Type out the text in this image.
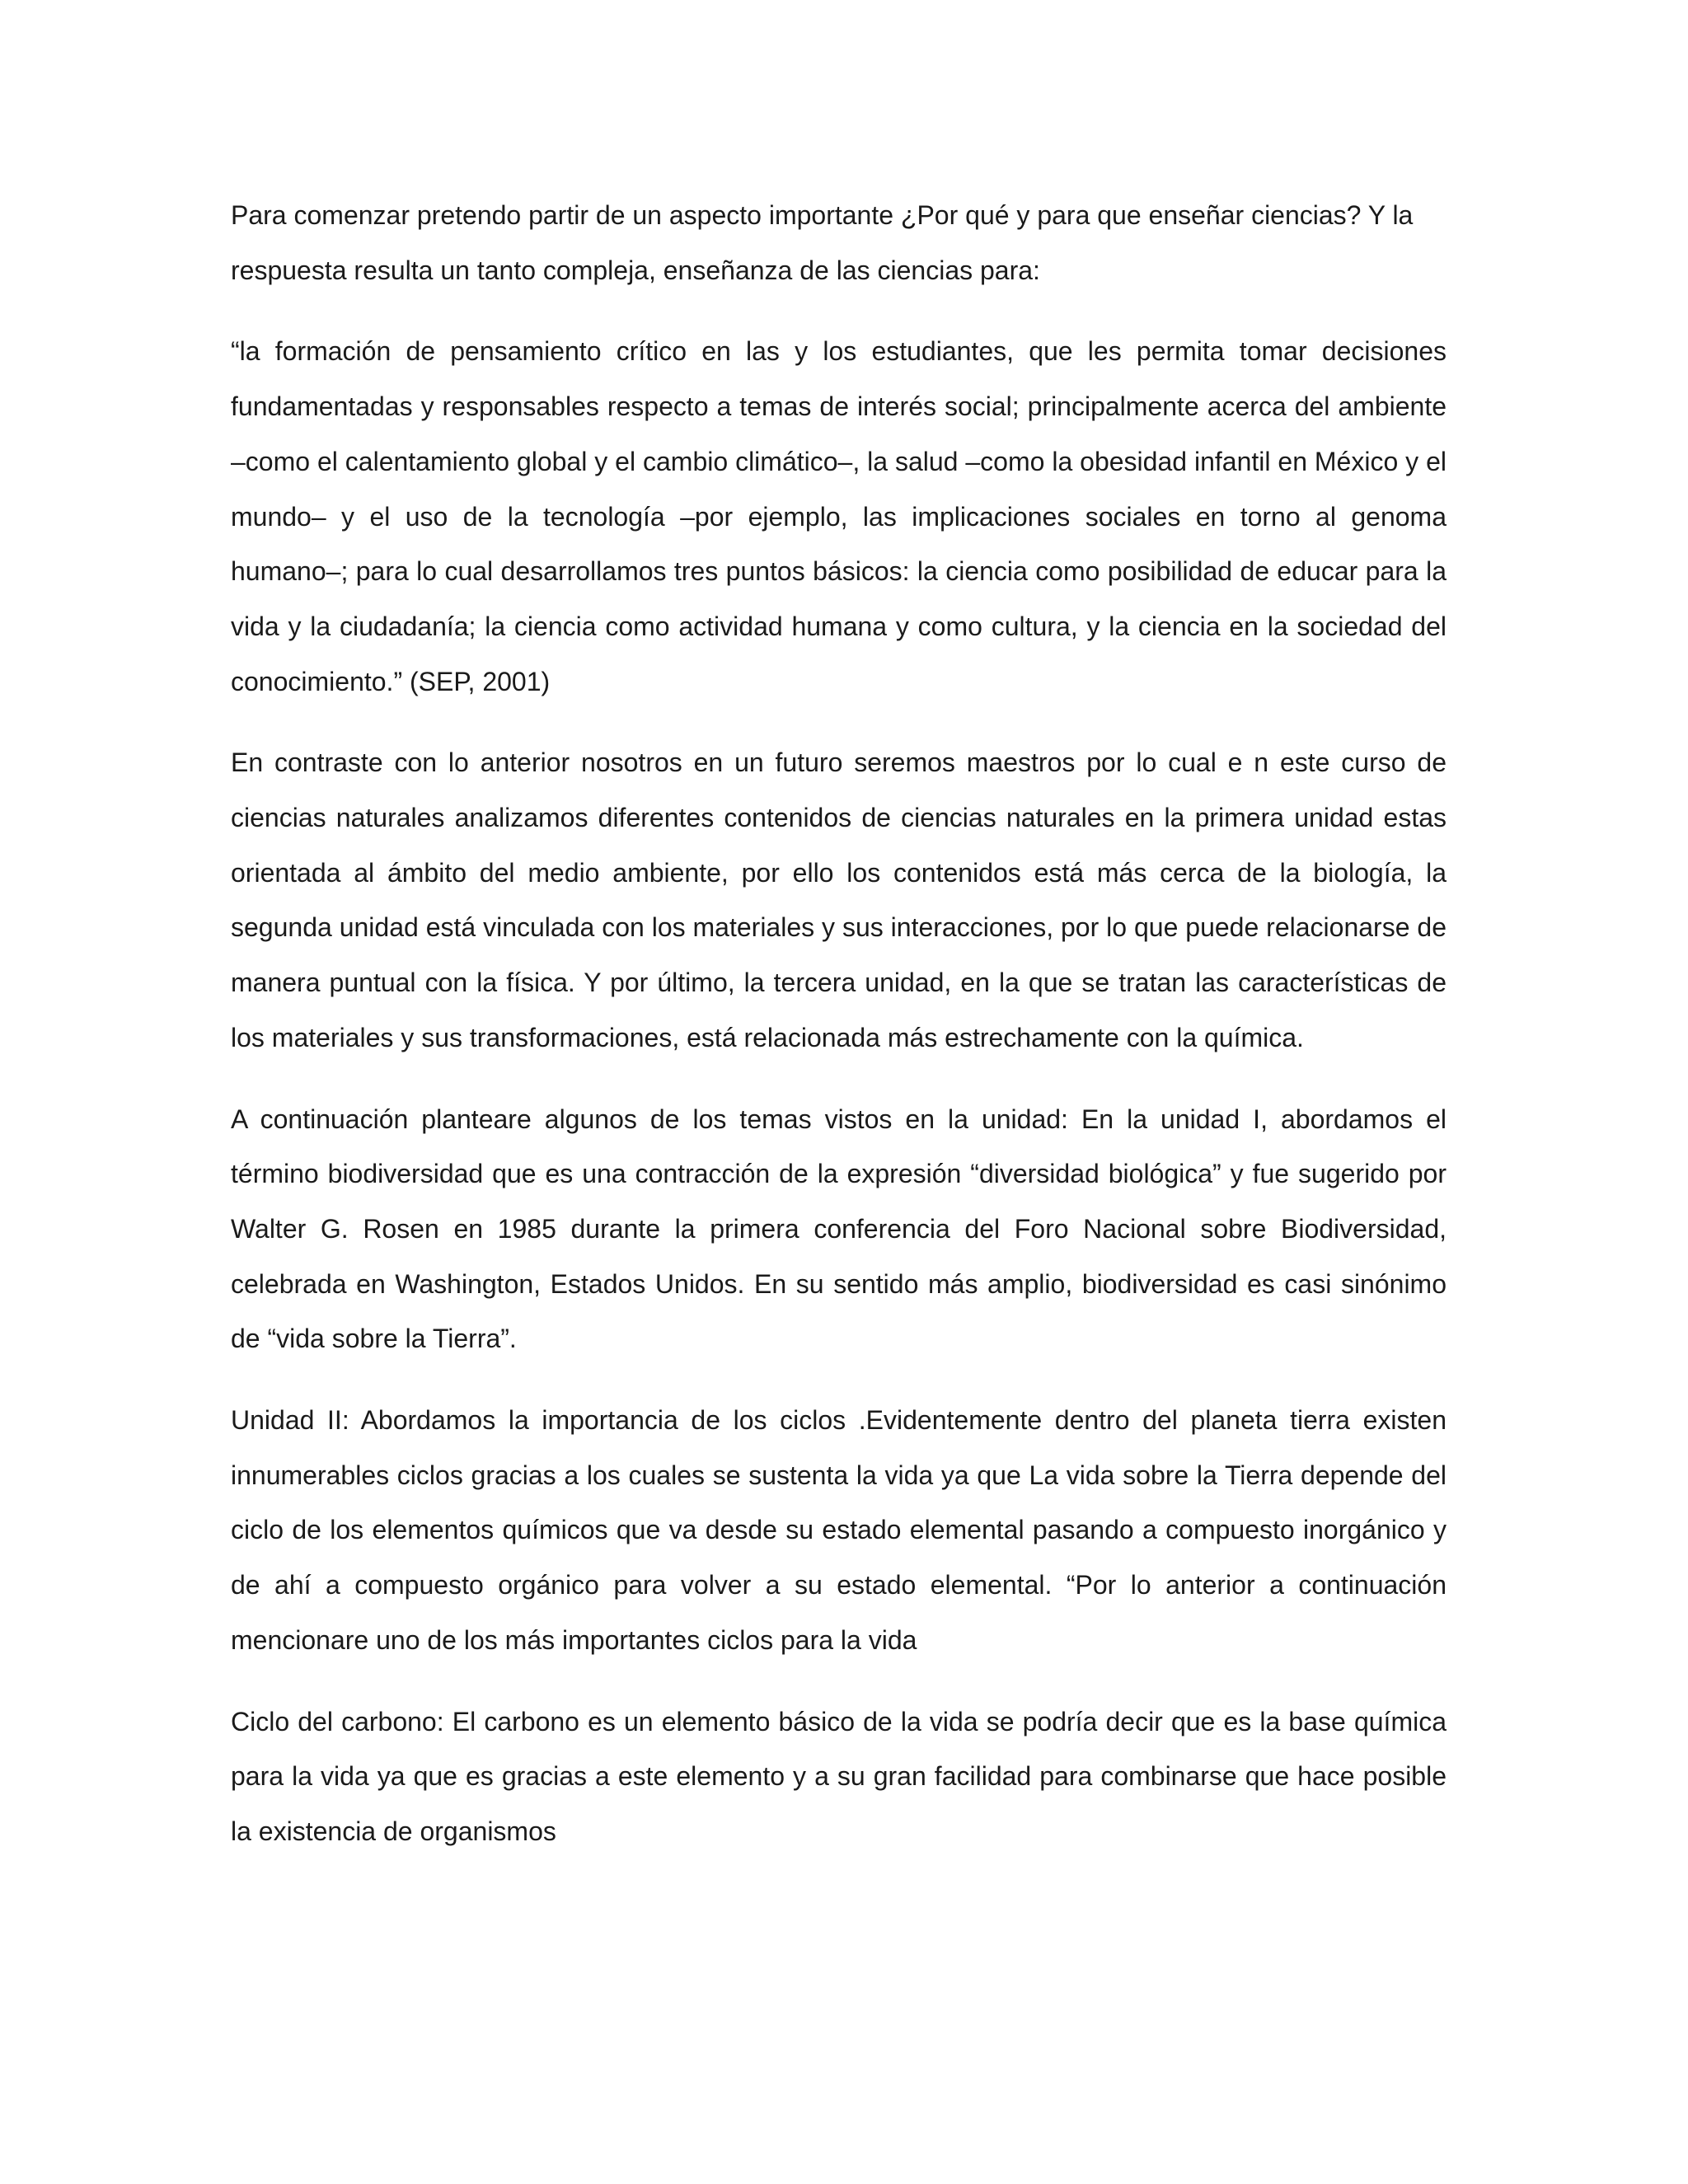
Para comenzar pretendo partir de un aspecto importante ¿Por qué y para que enseñar ciencias? Y la respuesta resulta un tanto compleja, enseñanza de las ciencias para:

“la formación de pensamiento crítico en las y los estudiantes, que les permita tomar decisiones fundamentadas y responsables respecto a temas de interés social; principalmente acerca del ambiente –como el calentamiento global y el cambio climático–, la salud –como la obesidad infantil en México y el mundo– y el uso de la tecnología –por ejemplo, las implicaciones sociales en torno al genoma humano–; para lo cual desarrollamos tres puntos básicos: la ciencia como posibilidad de educar para la vida y la ciudadanía; la ciencia como actividad humana y como cultura, y la ciencia en la sociedad del conocimiento.” (SEP, 2001)

En contraste con lo anterior nosotros en un futuro seremos maestros por lo cual e n este curso de ciencias naturales analizamos diferentes contenidos de ciencias naturales en la primera unidad estas orientada al ámbito del medio ambiente, por ello los contenidos está más cerca de la biología, la segunda unidad está vinculada con los materiales y sus interacciones, por lo que puede relacionarse de manera puntual con la física. Y por último, la tercera unidad, en la que se tratan las características de los materiales y sus transformaciones, está relacionada más estrechamente con la química.

A continuación planteare algunos de los temas vistos en la unidad: En la unidad I, abordamos el término biodiversidad que es una contracción de la expresión “diversidad biológica” y fue sugerido por Walter G. Rosen en 1985 durante la primera conferencia del Foro Nacional sobre Biodiversidad, celebrada en Washington, Estados Unidos. En su sentido más amplio, biodiversidad es casi sinónimo de “vida sobre la Tierra”.

Unidad II: Abordamos la importancia de los ciclos .Evidentemente dentro del planeta tierra existen innumerables ciclos gracias a los cuales se sustenta la vida ya que La vida sobre la Tierra depende del ciclo de los elementos químicos que va desde su estado elemental pasando a compuesto inorgánico y de ahí a compuesto orgánico para volver a su estado elemental. “Por lo anterior a continuación mencionare uno de los más importantes ciclos para la vida

Ciclo del carbono: El carbono es un elemento básico de la vida se podría decir que es la base química para la vida ya que es gracias a este elemento y a su gran facilidad para combinarse que hace posible la existencia de organismos
